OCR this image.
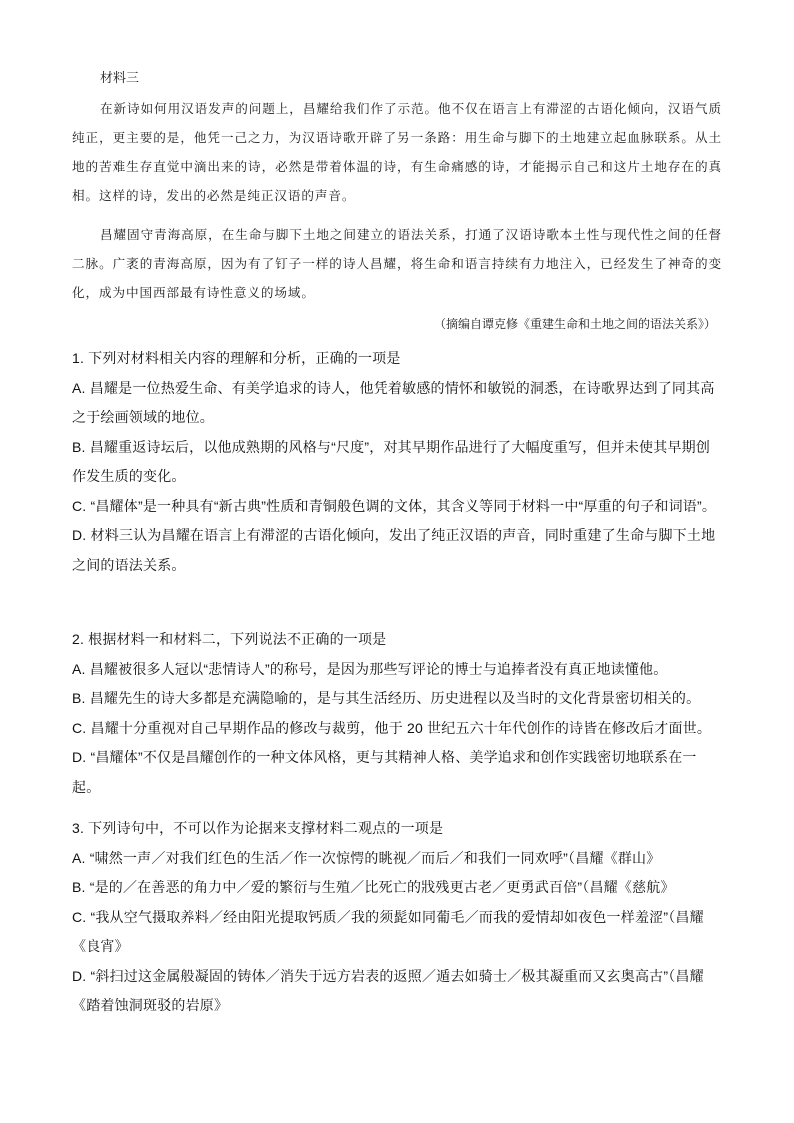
材料三
在新诗如何用汉语发声的问题上，昌耀给我们作了示范。他不仅在语言上有滞涩的古语化倾向，汉语气质纯正，更主要的是，他凭一己之力，为汉语诗歌开辟了另一条路：用生命与脚下的土地建立起血脉联系。从土地的苦难生存直觉中滴出来的诗，必然是带着体温的诗，有生命痛感的诗，才能揭示自己和这片土地存在的真相。这样的诗，发出的必然是纯正汉语的声音。
昌耀固守青海高原，在生命与脚下土地之间建立的语法关系，打通了汉语诗歌本土性与现代性之间的任督二脉。广袤的青海高原，因为有了钉子一样的诗人昌耀，将生命和语言持续有力地注入，已经发生了神奇的变化，成为中国西部最有诗性意义的场域。
（摘编自谭克修《重建生命和土地之间的语法关系》）
1. 下列对材料相关内容的理解和分析，正确的一项是
A. 昌耀是一位热爱生命、有美学追求的诗人，他凭着敏感的情怀和敏锐的洞悉，在诗歌界达到了同其高之于绘画领域的地位。
B. 昌耀重返诗坛后，以他成熟期的风格与“尺度”，对其早期作品进行了大幅度重写，但并未使其早期创作发生质的变化。
C. “昌耀体”是一种具有“新古典”性质和青铜般色调的文体，其含义等同于材料一中“厚重的句子和词语”。
D. 材料三认为昌耀在语言上有滞涩的古语化倾向，发出了纯正汉语的声音，同时重建了生命与脚下土地之间的语法关系。
2. 根据材料一和材料二，下列说法不正确的一项是
A. 昌耀被很多人冠以“悲情诗人”的称号，是因为那些写评论的博士与追捧者没有真正地读懂他。
B. 昌耀先生的诗大多都是充满隐喻的，是与其生活经历、历史进程以及当时的文化背景密切相关的。
C. 昌耀十分重视对自己早期作品的修改与裁剪，他于 20 世纪五六十年代创作的诗皆在修改后才面世。
D. “昌耀体”不仅是昌耀创作的一种文体风格，更与其精神人格、美学追求和创作实践密切地联系在一起。
3. 下列诗句中，不可以作为论据来支撑材料二观点的一项是
A. “啸然一声／对我们红色的生活／作一次惊愕的眺视／而后／和我们一同欢呼”（昌耀《群山》
B. “是的／在善恶的角力中／爱的繁衍与生殖／比死亡的戕残更古老／更勇武百倍”（昌耀《慈航》
C. “我从空气摄取养料／经由阳光提取钙质／我的须髭如同葡毛／而我的爱情却如夜色一样羞涩”（昌耀《良宵》
D. “斜扫过这金属般凝固的铸体／消失于远方岩表的返照／遁去如骑士／极其凝重而又玄奥高古”（昌耀《踏着蚀洞斑驳的岩原》
